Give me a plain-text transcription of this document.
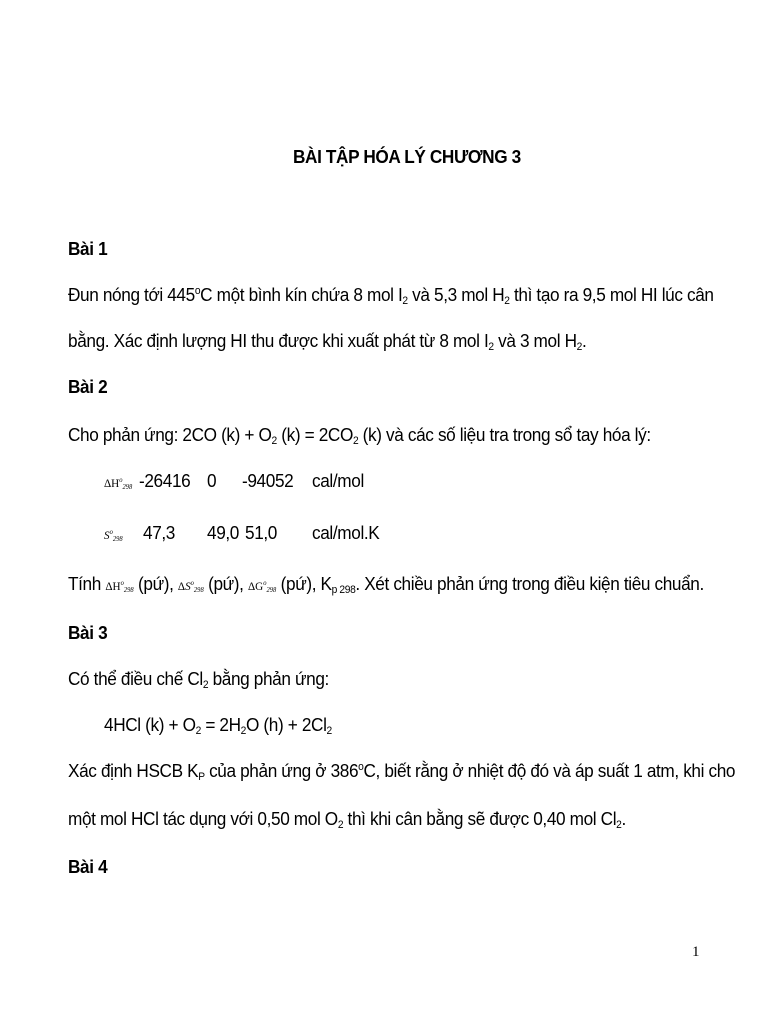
BÀI TẬP HÓA LÝ CHƯƠNG 3
Bài 1
Đun nóng tới 445$^o$C một bình kín chứa 8 mol $I_2$ và 5,3 mol $H_2$ thì tạo ra 9,5 mol HI lúc cân
bằng. Xác định lượng HI thu được khi xuất phát từ 8 mol $I_2$ và 3 mol $H_2$.
Bài 2
Cho phản ứng: 2CO $(k) + O_2$ $(k) = 2CO_2$ (k) và các số liệu tra trong sổ tay hóa lý:
$\Delta H^o_{298}$ -26416 0 -94052 cal/mol
$S^o_{298}$ 47,3 49,0 51,0 cal/mol.K
Tính $\Delta H^o_{298}$ (pứ), $\Delta S^o_{298}$ (pứ), $\Delta G^o_{298}$ (pứ), $K_{p 298}$. Xét chiều phản ứng trong điều kiện tiêu chuẩn.
Bài 3
Có thể điều chế $Cl_2$ bằng phản ứng:
4HCl $(k) + O_2 = 2H_2O$ $(h) + 2Cl_2$
Xác định HSCB $K_P$ của phản ứng ở 386$^o$C, biết rằng ở nhiệt độ đó và áp suất 1 atm, khi cho
một mol HCl tác dụng với 0,50 mol $O_2$ thì khi cân bằng sẽ được 0,40 mol $Cl_2$.
Bài 4
1
